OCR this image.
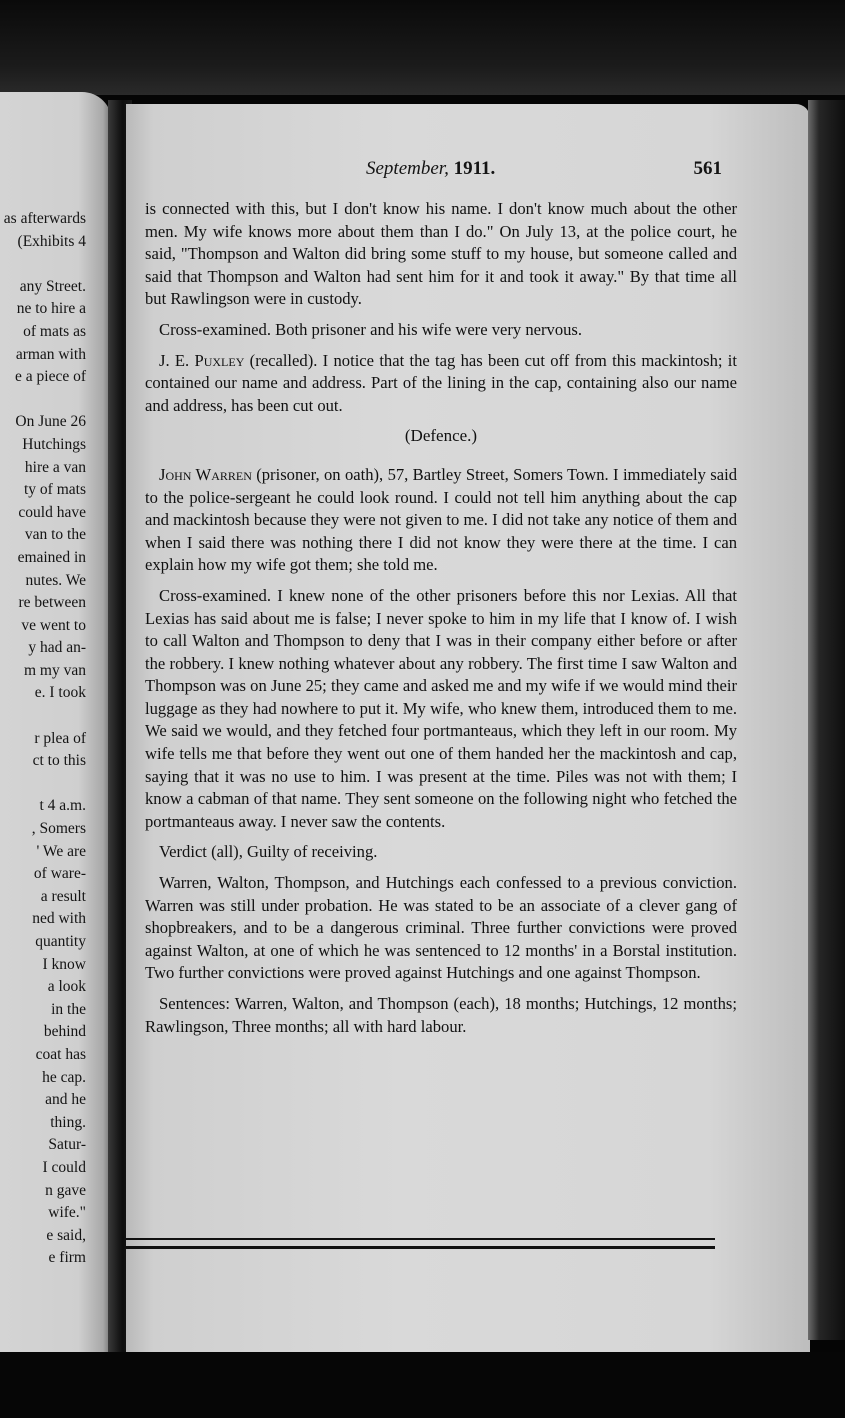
as afterwards
(Exhibits 4
any Street.
ne to hire a
of mats as
arman with
e a piece of
On June 26
Hutchings
hire a van
ty of mats
could have
van to the
emained in
nutes. We
re between
ve went to
y had an-
m my van
e. I took
r plea of
ct to this
t 4 a.m.
, Somers
' We are
of ware-
a result
ned with
quantity
I know
a look
in the
behind
coat has
he cap.
and he
thing.
Satur-
I could
n gave
wife."
e said,
e firm
September, 1911.	561

is connected with this, but I don't know his name. I don't know much about the other men. My wife knows more about them than I do." On July 13, at the police court, he said, "Thompson and Walton did bring some stuff to my house, but someone called and said that Thompson and Walton had sent him for it and took it away." By that time all but Rawlingson were in custody.

Cross-examined. Both prisoner and his wife were very nervous.

J. E. Puxley (recalled). I notice that the tag has been cut off from this mackintosh; it contained our name and address. Part of the lining in the cap, containing also our name and address, has been cut out.

(Defence.)

John Warren (prisoner, on oath), 57, Bartley Street, Somers Town. I immediately said to the police-sergeant he could look round. I could not tell him anything about the cap and mackintosh because they were not given to me. I did not take any notice of them and when I said there was nothing there I did not know they were there at the time. I can explain how my wife got them; she told me.

Cross-examined. I knew none of the other prisoners before this nor Lexias. All that Lexias has said about me is false; I never spoke to him in my life that I know of. I wish to call Walton and Thompson to deny that I was in their company either before or after the robbery. I knew nothing whatever about any robbery. The first time I saw Walton and Thompson was on June 25; they came and asked me and my wife if we would mind their luggage as they had nowhere to put it. My wife, who knew them, introduced them to me. We said we would, and they fetched four portmanteaus, which they left in our room. My wife tells me that before they went out one of them handed her the mackintosh and cap, saying that it was no use to him. I was present at the time. Piles was not with them; I know a cabman of that name. They sent someone on the following night who fetched the portmanteaus away. I never saw the contents.

Verdict (all), Guilty of receiving.

Warren, Walton, Thompson, and Hutchings each confessed to a previous conviction. Warren was still under probation. He was stated to be an associate of a clever gang of shopbreakers, and to be a dangerous criminal. Three further convictions were proved against Walton, at one of which he was sentenced to 12 months' in a Borstal institution. Two further convictions were proved against Hutchings and one against Thompson.

Sentences: Warren, Walton, and Thompson (each), 18 months; Hutchings, 12 months; Rawlingson, Three months; all with hard labour.
